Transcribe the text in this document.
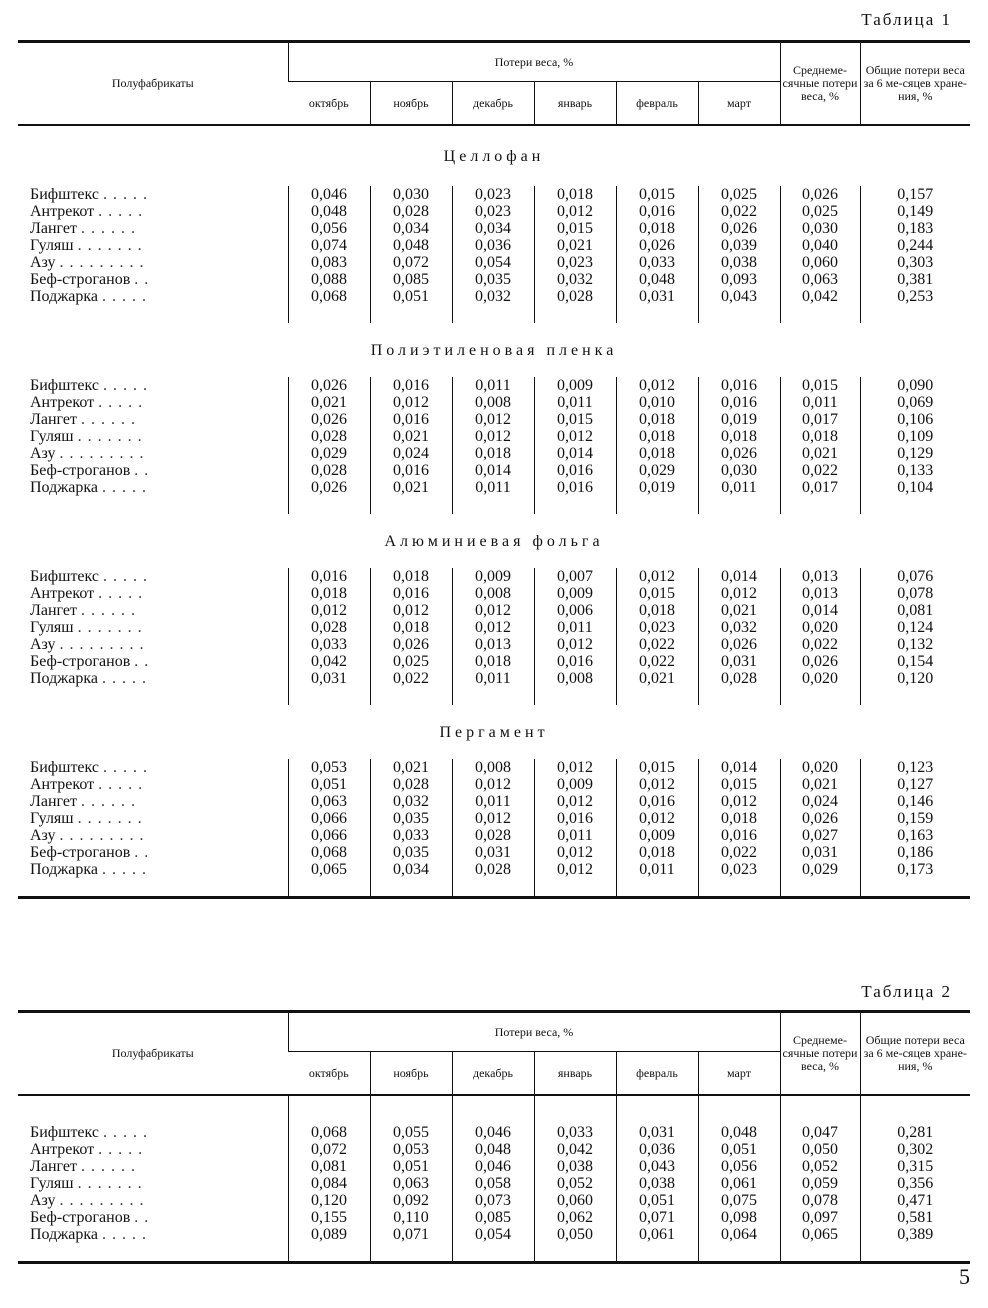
Таблица 1
Полуфабрикаты	Потери веса, %						Среднеме-сячные потери веса, %	Общие потери веса за 6 ме-сяцев хране-ния, %
	октябрь	ноябрь	декабрь	январь	февраль	март		
Целлофан								
Бифштекс .....	0,046	0,030	0,023	0,018	0,015	0,025	0,026	0,157
Антрекот .....	0,048	0,028	0,023	0,012	0,016	0,022	0,025	0,149
Лангет ......	0,056	0,034	0,034	0,015	0,018	0,026	0,030	0,183
Гуляш .......	0,074	0,048	0,036	0,021	0,026	0,039	0,040	0,244
Азу .........	0,083	0,072	0,054	0,023	0,033	0,038	0,060	0,303
Беф-строганов ..	0,088	0,085	0,035	0,032	0,048	0,093	0,063	0,381
Поджарка .....	0,068	0,051	0,032	0,028	0,031	0,043	0,042	0,253

Полиэтиленовая пленка								
Бифштекс .....	0,026	0,016	0,011	0,009	0,012	0,016	0,015	0,090
Антрекот .....	0,021	0,012	0,008	0,011	0,010	0,016	0,011	0,069
Лангет ......	0,026	0,016	0,012	0,015	0,018	0,019	0,017	0,106
Гуляш .......	0,028	0,021	0,012	0,012	0,018	0,018	0,018	0,109
Азу .........	0,029	0,024	0,018	0,014	0,018	0,026	0,021	0,129
Беф-строганов ..	0,028	0,016	0,014	0,016	0,029	0,030	0,022	0,133
Поджарка .....	0,026	0,021	0,011	0,016	0,019	0,011	0,017	0,104

Алюминиевая фольга								
Бифштекс .....	0,016	0,018	0,009	0,007	0,012	0,014	0,013	0,076
Антрекот .....	0,018	0,016	0,008	0,009	0,015	0,012	0,013	0,078
Лангет ......	0,012	0,012	0,012	0,006	0,018	0,021	0,014	0,081
Гуляш .......	0,028	0,018	0,012	0,011	0,023	0,032	0,020	0,124
Азу .........	0,033	0,026	0,013	0,012	0,022	0,026	0,022	0,132
Беф-строганов ..	0,042	0,025	0,018	0,016	0,022	0,031	0,026	0,154
Поджарка .....	0,031	0,022	0,011	0,008	0,021	0,028	0,020	0,120

Пергамент								
Бифштекс .....	0,053	0,021	0,008	0,012	0,015	0,014	0,020	0,123
Антрекот .....	0,051	0,028	0,012	0,009	0,012	0,015	0,021	0,127
Лангет ......	0,063	0,032	0,011	0,012	0,016	0,012	0,024	0,146
Гуляш .......	0,066	0,035	0,012	0,016	0,012	0,018	0,026	0,159
Азу .........	0,066	0,033	0,028	0,011	0,009	0,016	0,027	0,163
Беф-строганов ..	0,068	0,035	0,031	0,012	0,018	0,022	0,031	0,186
Поджарка .....	0,065	0,034	0,028	0,012	0,011	0,023	0,029	0,173

Таблица 2
Полуфабрикаты	Потери веса, %						Среднеме-сячные потери веса, %	Общие потери веса за 6 ме-сяцев хране-ния, %
	октябрь	ноябрь	декабрь	январь	февраль	март		

Бифштекс .....	0,068	0,055	0,046	0,033	0,031	0,048	0,047	0,281
Антрекот .....	0,072	0,053	0,048	0,042	0,036	0,051	0,050	0,302
Лангет ......	0,081	0,051	0,046	0,038	0,043	0,056	0,052	0,315
Гуляш .......	0,084	0,063	0,058	0,052	0,038	0,061	0,059	0,356
Азу .........	0,120	0,092	0,073	0,060	0,051	0,075	0,078	0,471
Беф-строганов ..	0,155	0,110	0,085	0,062	0,071	0,098	0,097	0,581
Поджарка .....	0,089	0,071	0,054	0,050	0,061	0,064	0,065	0,389

5
